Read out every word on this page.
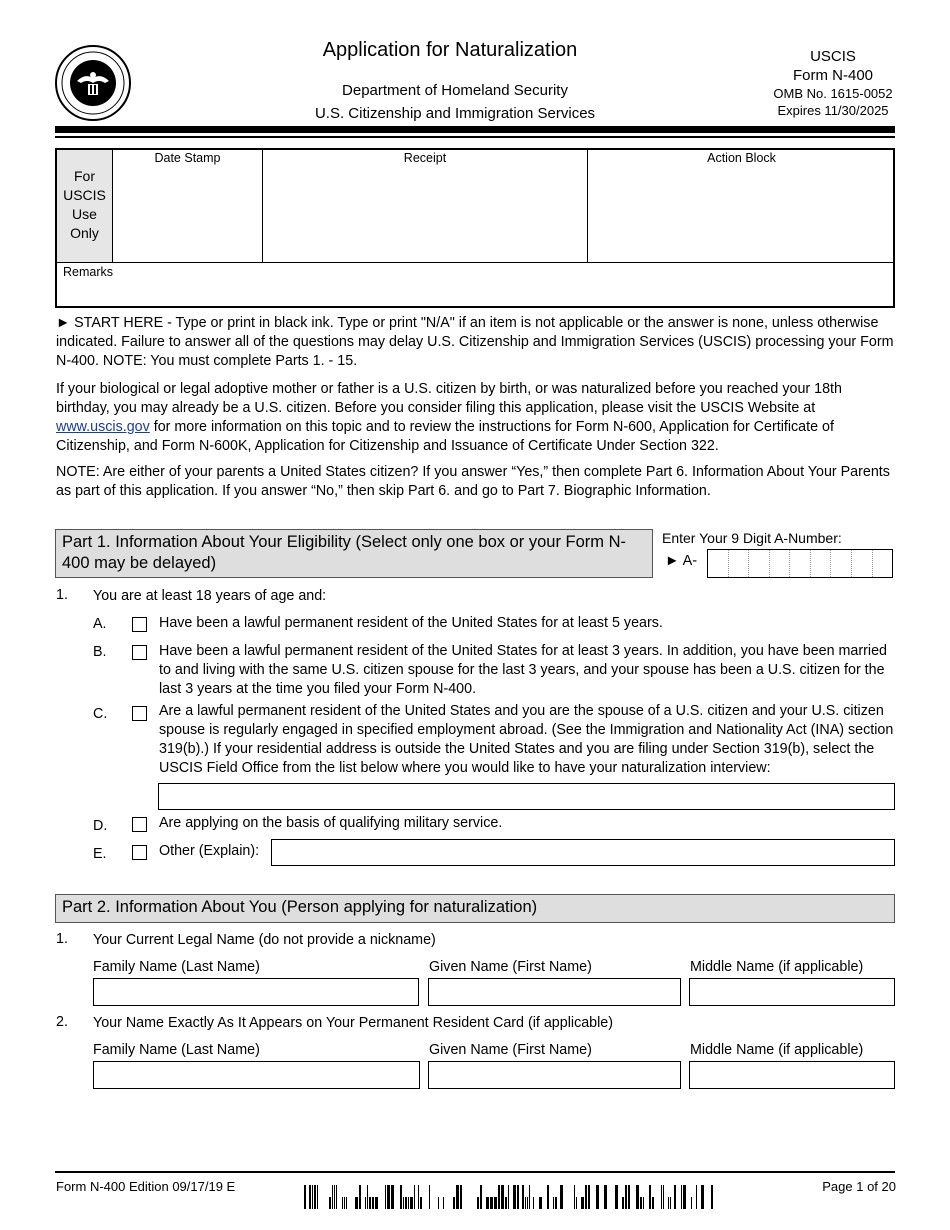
Application for Naturalization
Department of Homeland Security
U.S. Citizenship and Immigration Services
USCIS
Form N-400
OMB No. 1615-0052
Expires 11/30/2025
For
USCIS
Use
Only
Date Stamp	Receipt	Action Block
Remarks
► START HERE - Type or print in black ink. Type or print "N/A" if an item is not applicable or the answer is none, unless otherwise indicated. Failure to answer all of the questions may delay U.S. Citizenship and Immigration Services (USCIS) processing your Form N-400. NOTE: You must complete Parts 1. - 15.
If your biological or legal adoptive mother or father is a U.S. citizen by birth, or was naturalized before you reached your 18th birthday, you may already be a U.S. citizen. Before you consider filing this application, please visit the USCIS Website at www.uscis.gov for more information on this topic and to review the instructions for Form N-600, Application for Certificate of Citizenship, and Form N-600K, Application for Citizenship and Issuance of Certificate Under Section 322.
NOTE: Are either of your parents a United States citizen? If you answer “Yes,” then complete Part 6. Information About Your Parents as part of this application. If you answer “No,” then skip Part 6. and go to Part 7. Biographic Information.
Part 1. Information About Your Eligibility (Select only one box or your Form N-400 may be delayed)
Enter Your 9 Digit A-Number:
► A-
1. You are at least 18 years of age and:
A.	Have been a lawful permanent resident of the United States for at least 5 years.
B.	Have been a lawful permanent resident of the United States for at least 3 years. In addition, you have been married to and living with the same U.S. citizen spouse for the last 3 years, and your spouse has been a U.S. citizen for the last 3 years at the time you filed your Form N-400.
C.	Are a lawful permanent resident of the United States and you are the spouse of a U.S. citizen and your U.S. citizen spouse is regularly engaged in specified employment abroad. (See the Immigration and Nationality Act (INA) section 319(b).) If your residential address is outside the United States and you are filing under Section 319(b), select the USCIS Field Office from the list below where you would like to have your naturalization interview:
D.	Are applying on the basis of qualifying military service.
E.	Other (Explain):
Part 2. Information About You (Person applying for naturalization)
1. Your Current Legal Name (do not provide a nickname)
Family Name (Last Name)	Given Name (First Name)	Middle Name (if applicable)
2. Your Name Exactly As It Appears on Your Permanent Resident Card (if applicable)
Family Name (Last Name)	Given Name (First Name)	Middle Name (if applicable)
Form N-400 Edition 09/17/19 E	Page 1 of 20
